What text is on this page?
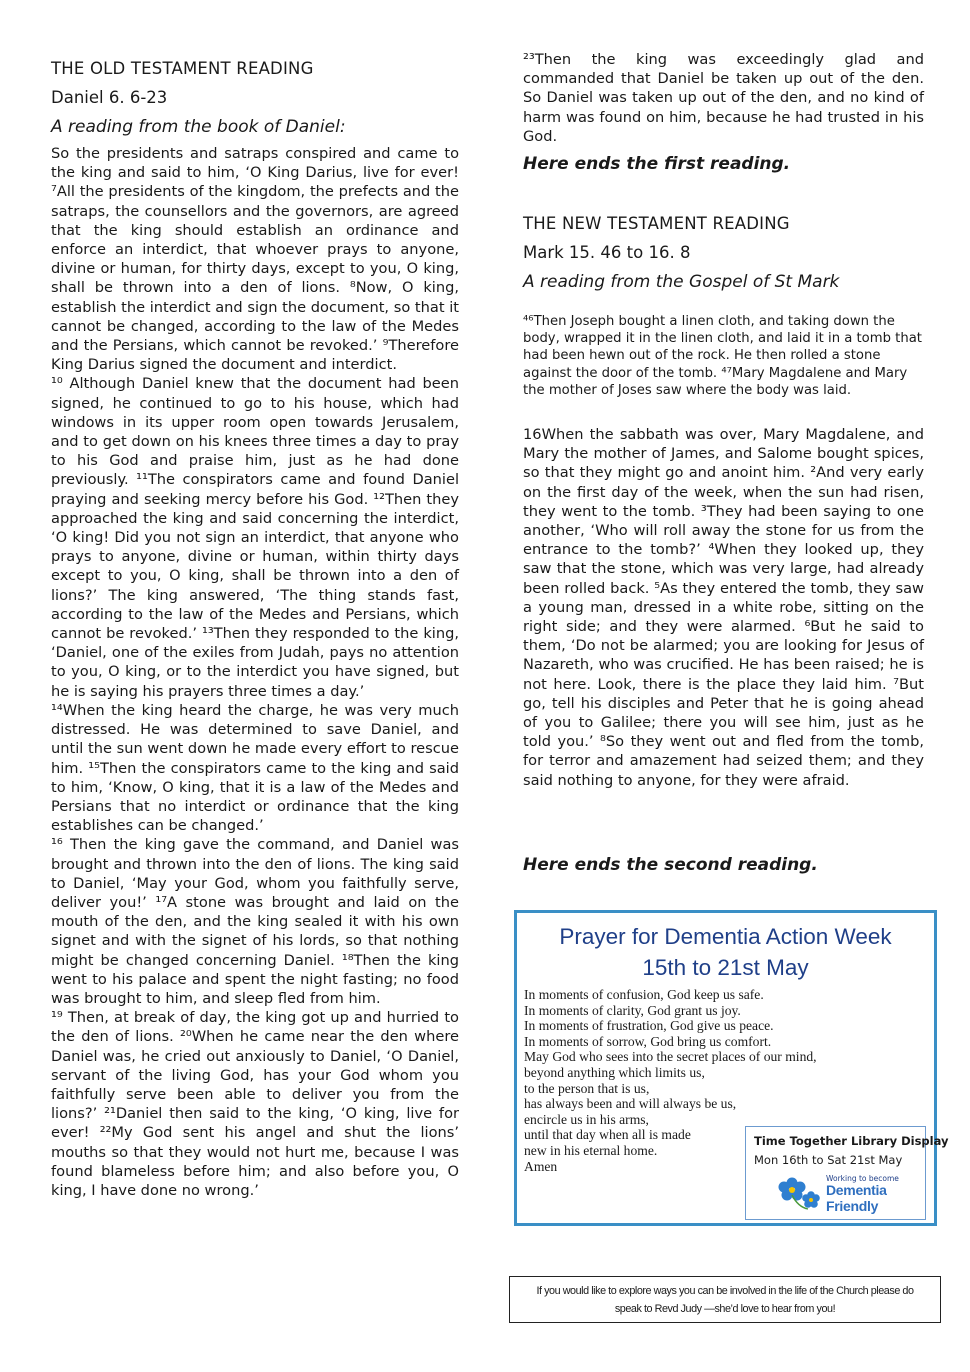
THE OLD TESTAMENT READING
Daniel 6. 6-23
A reading from the book of Daniel:

So the presidents and satraps conspired and came to the king and said to him, ‘O King Darius, live for ever! ⁷All the presidents of the kingdom, the prefects and the satraps, the counsellors and the governors, are agreed that the king should establish an ordinance and enforce an interdict, that whoever prays to anyone, divine or human, for thirty days, except to you, O king, shall be thrown into a den of lions. ⁸Now, O king, establish the interdict and sign the document, so that it cannot be changed, according to the law of the Medes and the Persians, which cannot be revoked.’ ⁹Therefore King Darius signed the document and interdict.

¹⁰ Although Daniel knew that the document had been signed, he continued to go to his house, which had windows in its upper room open towards Jerusalem, and to get down on his knees three times a day to pray to his God and praise him, just as he had done previously. ¹¹The conspirators came and found Daniel praying and seeking mercy before his God. ¹²Then they approached the king and said concerning the interdict, ‘O king! Did you not sign an interdict, that anyone who prays to anyone, divine or human, within thirty days except to you, O king, shall be thrown into a den of lions?’ The king answered, ‘The thing stands fast, according to the law of the Medes and Persians, which cannot be revoked.’ ¹³Then they responded to the king, ‘Daniel, one of the exiles from Judah, pays no attention to you, O king, or to the interdict you have signed, but he is saying his prayers three times a day.’

¹⁴When the king heard the charge, he was very much distressed. He was determined to save Daniel, and until the sun went down he made every effort to rescue him. ¹⁵Then the conspirators came to the king and said to him, ‘Know, O king, that it is a law of the Medes and Persians that no interdict or ordinance that the king establishes can be changed.’

¹⁶ Then the king gave the command, and Daniel was brought and thrown into the den of lions. The king said to Daniel, ‘May your God, whom you faithfully serve, deliver you!’ ¹⁷A stone was brought and laid on the mouth of the den, and the king sealed it with his own signet and with the signet of his lords, so that nothing might be changed concerning Daniel. ¹⁸Then the king went to his palace and spent the night fasting; no food was brought to him, and sleep fled from him.

¹⁹ Then, at break of day, the king got up and hurried to the den of lions. ²⁰When he came near the den where Daniel was, he cried out anxiously to Daniel, ‘O Daniel, servant of the living God, has your God whom you faithfully serve been able to deliver you from the lions?’ ²¹Daniel then said to the king, ‘O king, live for ever! ²²My God sent his angel and shut the lions’ mouths so that they would not hurt me, because I was found blameless before him; and also before you, O king, I have done no wrong.’

²³Then the king was exceedingly glad and commanded that Daniel be taken up out of the den. So Daniel was taken up out of the den, and no kind of harm was found on him, because he had trusted in his God.
Here ends the first reading.
THE NEW TESTAMENT READING
Mark 15. 46 to 16. 8
A reading from the Gospel of St Mark
⁴⁶Then Joseph bought a linen cloth, and taking down the body, wrapped it in the linen cloth, and laid it in a tomb that had been hewn out of the rock. He then rolled a stone against the door of the tomb. ⁴⁷Mary Magdalene and Mary the mother of Joses saw where the body was laid.
16When the sabbath was over, Mary Magdalene, and Mary the mother of James, and Salome bought spices, so that they might go and anoint him. ²And very early on the first day of the week, when the sun had risen, they went to the tomb. ³They had been saying to one another, ‘Who will roll away the stone for us from the entrance to the tomb?’ ⁴When they looked up, they saw that the stone, which was very large, had already been rolled back. ⁵As they entered the tomb, they saw a young man, dressed in a white robe, sitting on the right side; and they were alarmed. ⁶But he said to them, ‘Do not be alarmed; you are looking for Jesus of Nazareth, who was crucified. He has been raised; he is not here. Look, there is the place they laid him. ⁷But go, tell his disciples and Peter that he is going ahead of you to Galilee; there you will see him, just as he told you.’ ⁸So they went out and fled from the tomb, for terror and amazement had seized them; and they said nothing to anyone, for they were afraid.
Here ends the second reading.
Prayer for Dementia Action Week
15th to 21st May
In moments of confusion, God keep us safe.
In moments of clarity, God grant us joy.
In moments of frustration, God give us peace.
In moments of sorrow, God bring us comfort.
May God who sees into the secret places of our mind,
beyond anything which limits us,
to the person that is us,
has always been and will always be us,
encircle us in his arms,
until that day when all is made
new in his eternal home.
Amen
Time Together Library Display
Mon 16th to Sat 21st May
Working to become
Dementia
Friendly
If you would like to explore ways you can be involved in the life of the Church please do
speak to Revd Judy —she’d love to hear from you!
